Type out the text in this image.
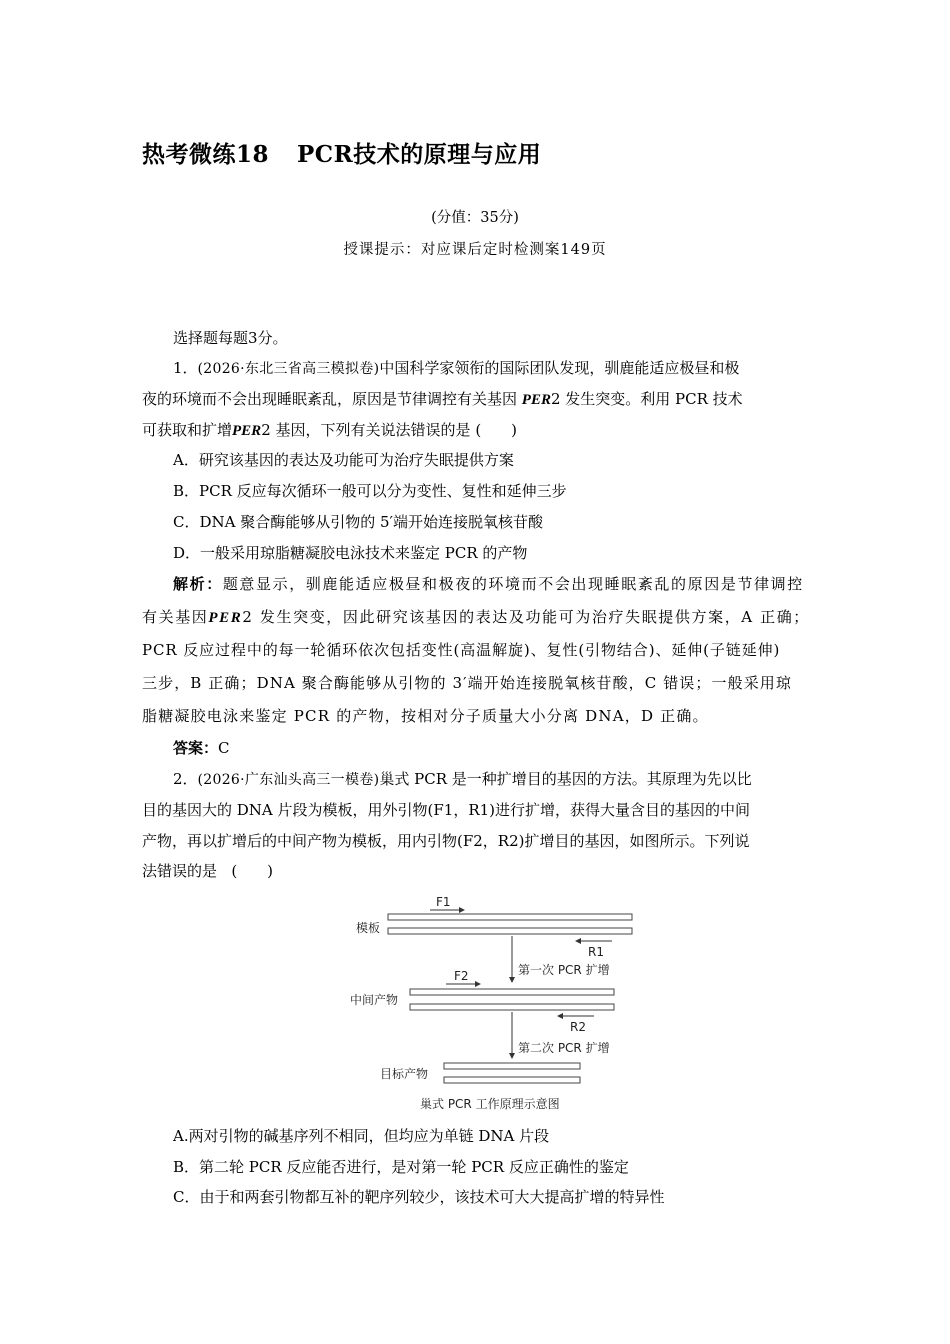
热考微练18 PCR技术的原理与应用
(分值：35分)
授课提示：对应课后定时检测案149页
选择题每题3分。
1．(2026·东北三省高三模拟卷)中国科学家领衔的国际团队发现，驯鹿能适应极昼和极
夜的环境而不会出现睡眠紊乱，原因是节律调控有关基因 PER2 发生突变。利用 PCR 技术
可获取和扩增PER2 基因，下列有关说法错误的是 (　　)
A．研究该基因的表达及功能可为治疗失眠提供方案
B．PCR 反应每次循环一般可以分为变性、复性和延伸三步
C．DNA 聚合酶能够从引物的 5′端开始连接脱氧核苷酸
D．一般采用琼脂糖凝胶电泳技术来鉴定 PCR 的产物
解析：题意显示，驯鹿能适应极昼和极夜的环境而不会出现睡眠紊乱的原因是节律调控
有关基因PER2 发生突变，因此研究该基因的表达及功能可为治疗失眠提供方案，A 正确；
PCR 反应过程中的每一轮循环依次包括变性(高温解旋)、复性(引物结合)、延伸(子链延伸)
三步，B 正确；DNA 聚合酶能够从引物的 3′端开始连接脱氧核苷酸，C 错误；一般采用琼
脂糖凝胶电泳来鉴定 PCR 的产物，按相对分子质量大小分离 DNA，D 正确。
答案：C
2．(2026·广东汕头高三一模卷)巢式 PCR 是一种扩增目的基因的方法。其原理为先以比
目的基因大的 DNA 片段为模板，用外引物(F1，R1)进行扩增，获得大量含目的基因的中间
产物，再以扩增后的中间产物为模板，用内引物(F2，R2)扩增目的基因，如图所示。下列说
法错误的是 (　　)
模板
F1
R1
第一次 PCR 扩增
中间产物
F2
R2
第二次 PCR 扩增
目标产物
巢式 PCR 工作原理示意图
A.两对引物的碱基序列不相同，但均应为单链 DNA 片段
B．第二轮 PCR 反应能否进行，是对第一轮 PCR 反应正确性的鉴定
C．由于和两套引物都互补的靶序列较少，该技术可大大提高扩增的特异性
